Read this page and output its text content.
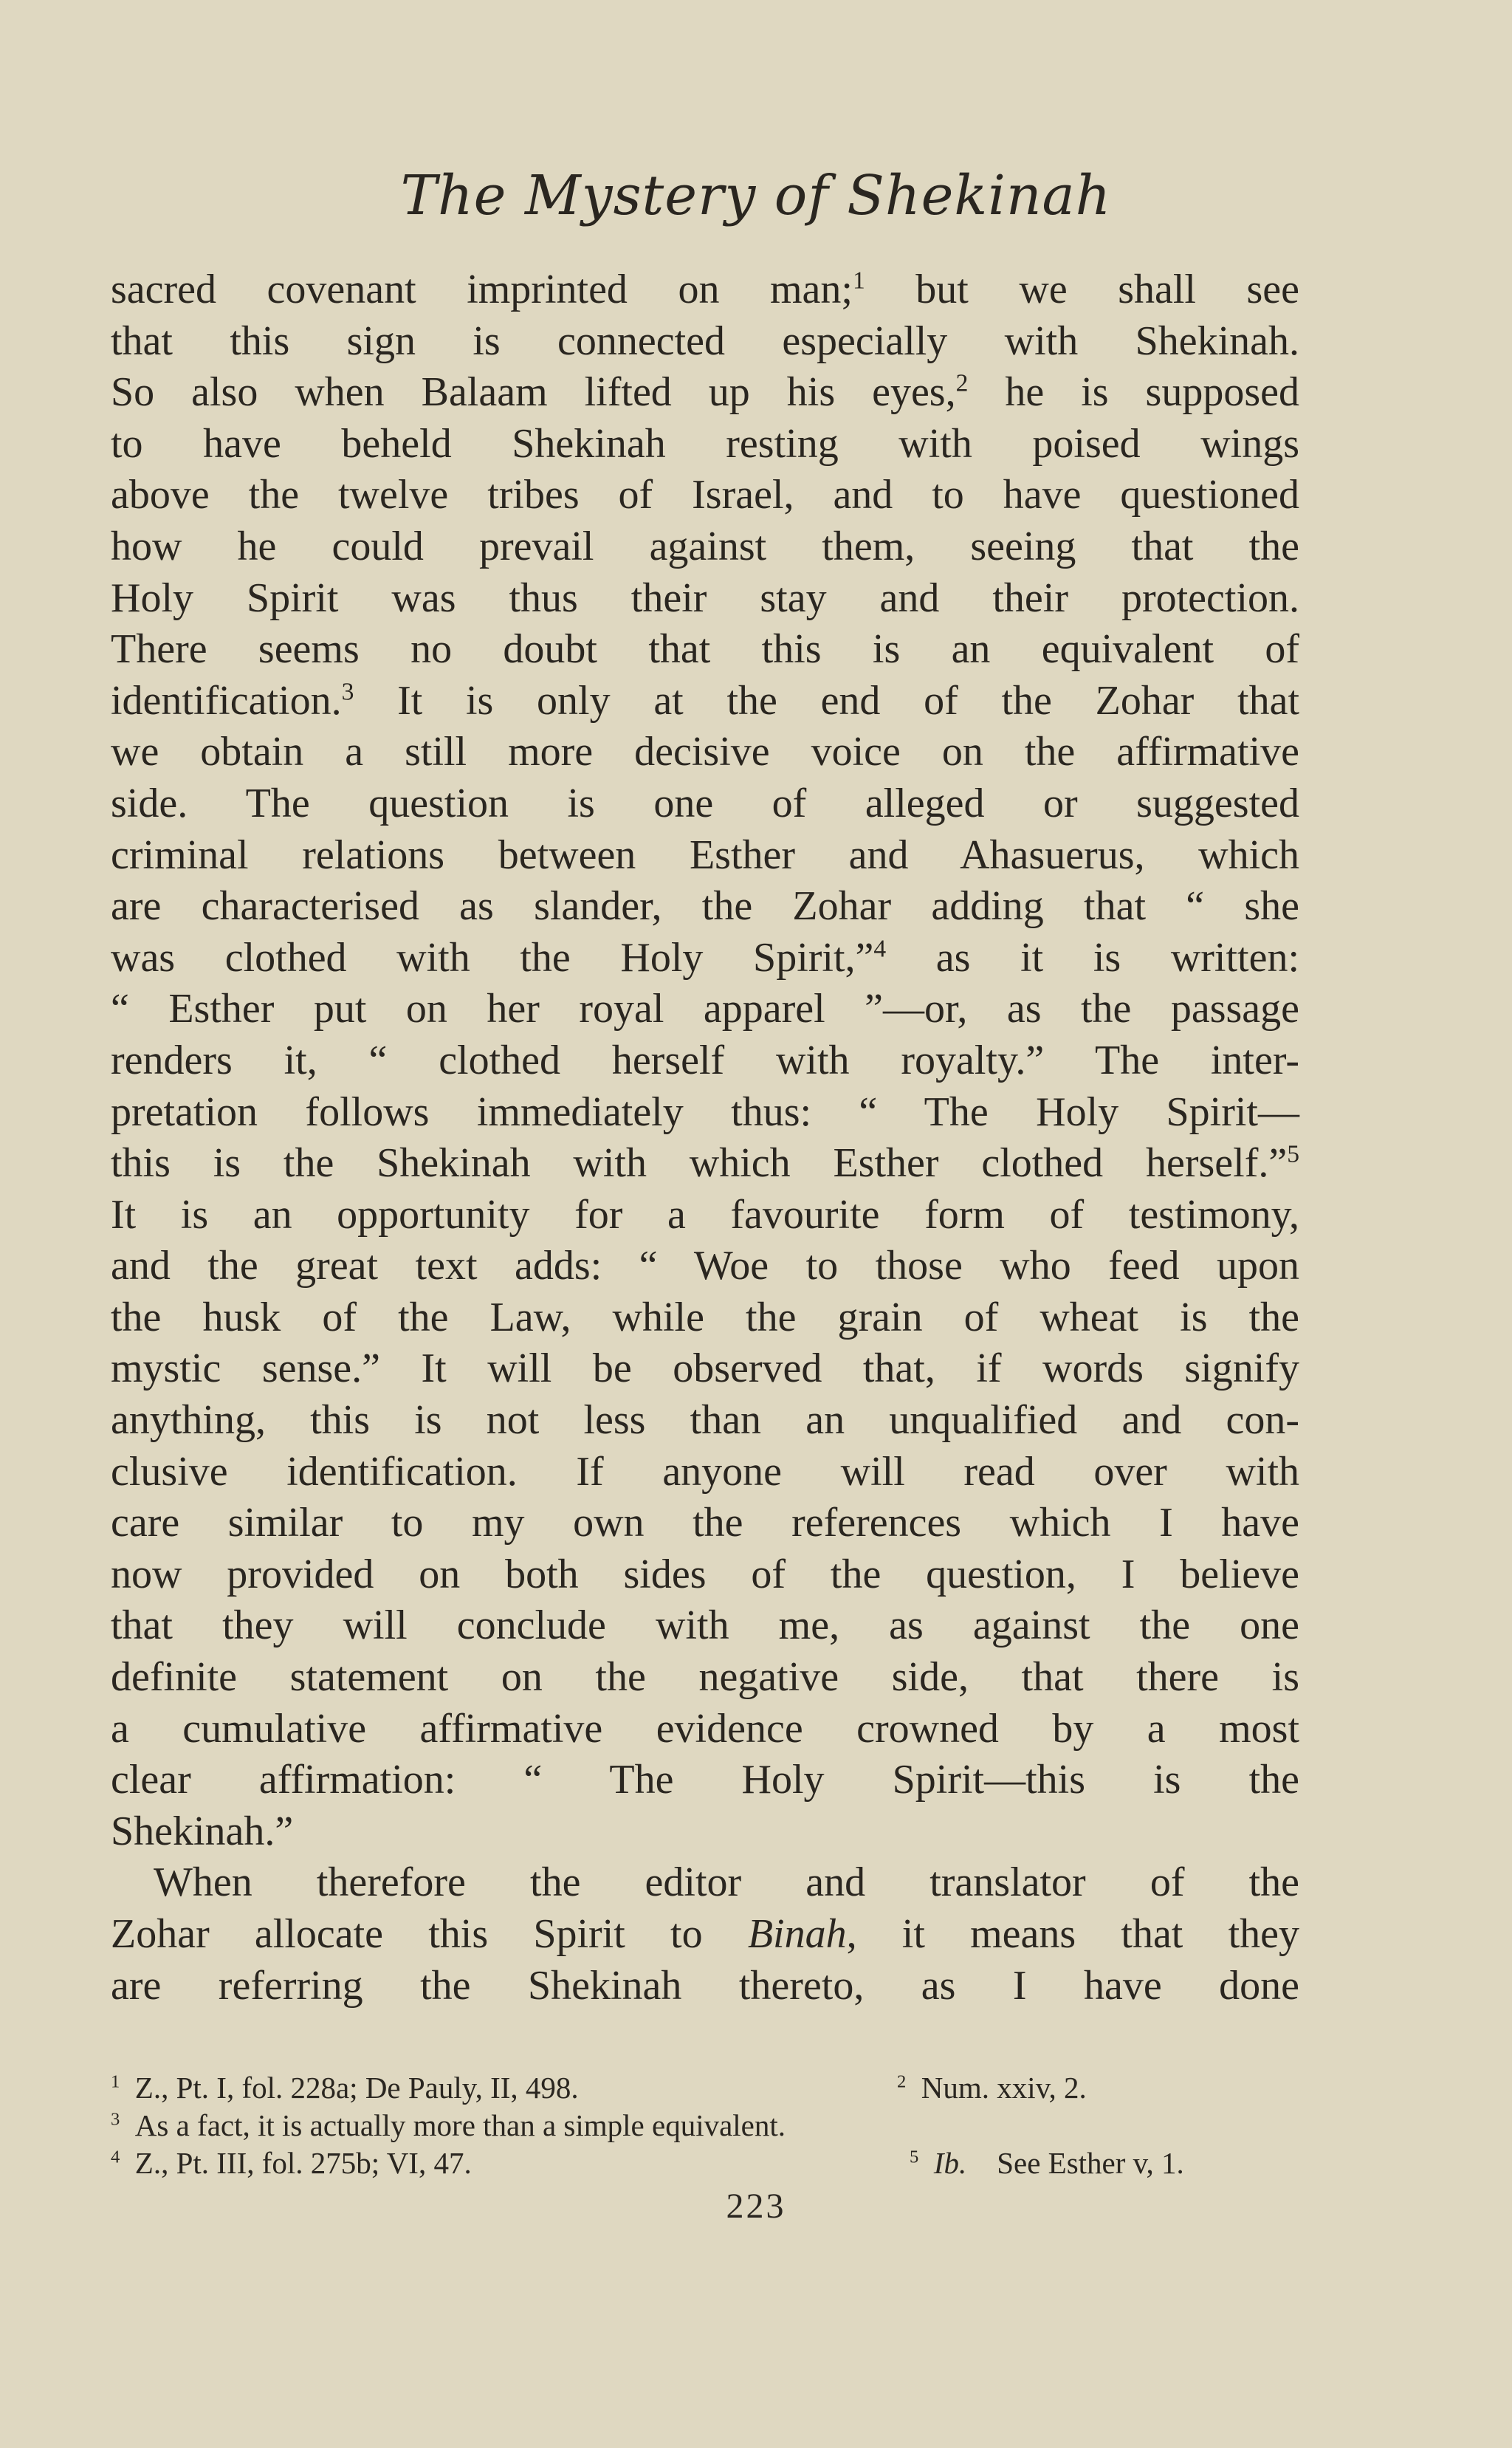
The Mystery of Shekinah
sacred covenant imprinted on man;$^1$ but we shall see
that this sign is connected especially with Shekinah.
So also when Balaam lifted up his eyes,$^2$ he is supposed
to have beheld Shekinah resting with poised wings
above the twelve tribes of Israel, and to have questioned
how he could prevail against them, seeing that the
Holy Spirit was thus their stay and their protection.
There seems no doubt that this is an equivalent of
identification.$^3$ It is only at the end of the Zohar that
we obtain a still more decisive voice on the affirmative
side. The question is one of alleged or suggested
criminal relations between Esther and Ahasuerus, which
are characterised as slander, the Zohar adding that “ she
was clothed with the Holy Spirit,”$^4$ as it is written:
“ Esther put on her royal apparel ”—or, as the passage
renders it, “ clothed herself with royalty.” The inter-
pretation follows immediately thus: “ The Holy Spirit—
this is the Shekinah with which Esther clothed herself.”$^5$
It is an opportunity for a favourite form of testimony,
and the great text adds: “ Woe to those who feed upon
the husk of the Law, while the grain of wheat is the
mystic sense.” It will be observed that, if words signify
anything, this is not less than an unqualified and con-
clusive identification. If anyone will read over with
care similar to my own the references which I have
now provided on both sides of the question, I believe
that they will conclude with me, as against the one
definite statement on the negative side, that there is
a cumulative affirmative evidence crowned by a most
clear affirmation: “ The Holy Spirit—this is the
Shekinah.”
When therefore the editor and translator of the
Zohar allocate this Spirit to Binah, it means that they
are referring the Shekinah thereto, as I have done
$^1$  Z., Pt. I, fol. 228a; De Pauly, II, 498.	$^2$  Num. xxiv, 2.
$^3$  As a fact, it is actually more than a simple equivalent.
$^4$  Z., Pt. III, fol. 275b; VI, 47.	$^5$  Ib.  See Esther v, 1.
223
